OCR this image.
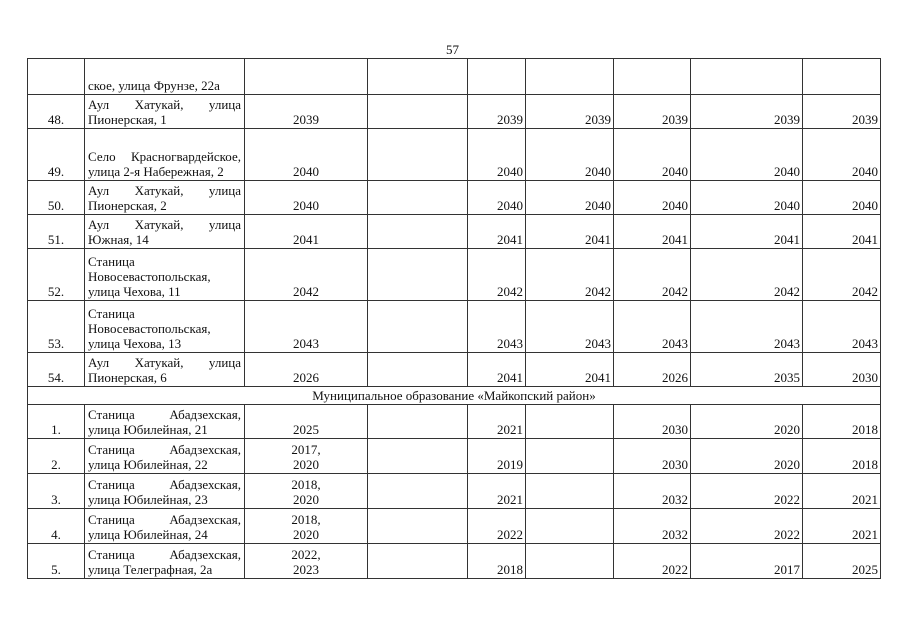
57
	ское, улица Фрунзе, 22а							
48.	Аул Хатукай, улица Пионерская, 1	2039		2039	2039	2039	2039	2039
49.	Село Красногвардейское, улица 2-я Набережная, 2	2040		2040	2040	2040	2040	2040
50.	Аул Хатукай, улица Пионерская, 2	2040		2040	2040	2040	2040	2040
51.	Аул Хатукай, улица Южная, 14	2041		2041	2041	2041	2041	2041
52.	Станица Новосевастопольская, улица Чехова, 11	2042		2042	2042	2042	2042	2042
53.	Станица Новосевастопольская, улица Чехова, 13	2043		2043	2043	2043	2043	2043
54.	Аул Хатукай, улица Пионерская, 6	2026		2041	2041	2026	2035	2030
Муниципальное образование «Майкопский район»								
1.	Станица Абадзехская, улица Юбилейная, 21	2025		2021		2030	2020	2018
2.	Станица Абадзехская, улица Юбилейная, 22	2017,
2020		2019		2030	2020	2018
3.	Станица Абадзехская, улица Юбилейная, 23	2018,
2020		2021		2032	2022	2021
4.	Станица Абадзехская, улица Юбилейная, 24	2018,
2020		2022		2032	2022	2021
5.	Станица Абадзехская, улица Телеграфная, 2а	2022,
2023		2018		2022	2017	2025
